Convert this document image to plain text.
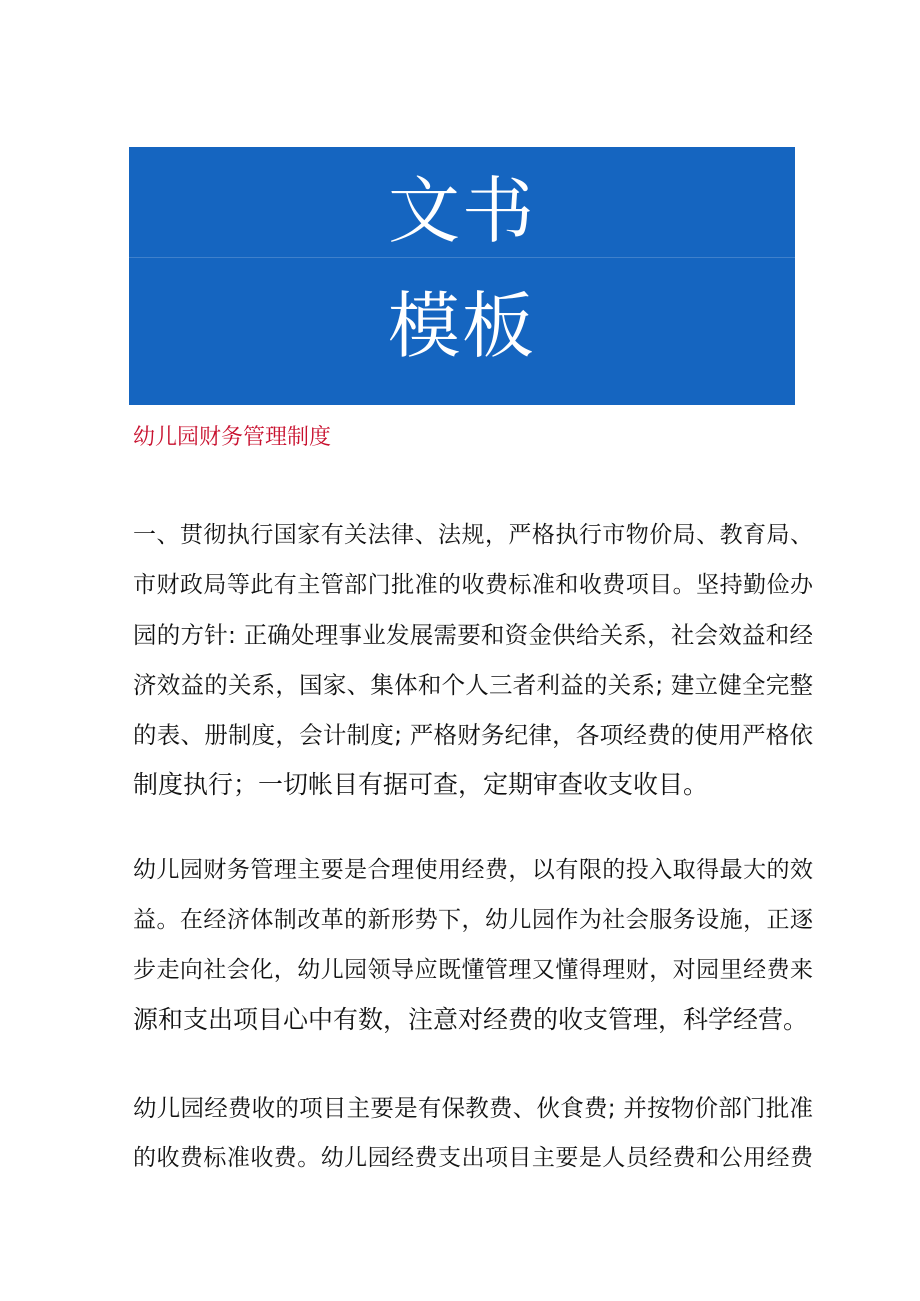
文书
模板
幼儿园财务管理制度
一、贯彻执行国家有关法律、法规，严格执行市物价局、教育局、
市财政局等此有主管部门批准的收费标准和收费项目。坚持勤俭办
园的方针: 正确处理事业发展需要和资金供给关系，社会效益和经
济效益的关系，国家、集体和个人三者利益的关系; 建立健全完整
的表、册制度，会计制度; 严格财务纪律，各项经费的使用严格依
制度执行；一切帐目有据可查，定期审查收支收目。
幼儿园财务管理主要是合理使用经费，以有限的投入取得最大的效
益。在经济体制改革的新形势下，幼儿园作为社会服务设施，正逐
步走向社会化，幼儿园领导应既懂管理又懂得理财，对园里经费来
源和支出项目心中有数，注意对经费的收支管理，科学经营。
幼儿园经费收的项目主要是有保教费、伙食费; 并按物价部门批准
的收费标准收费。幼儿园经费支出项目主要是人员经费和公用经费
